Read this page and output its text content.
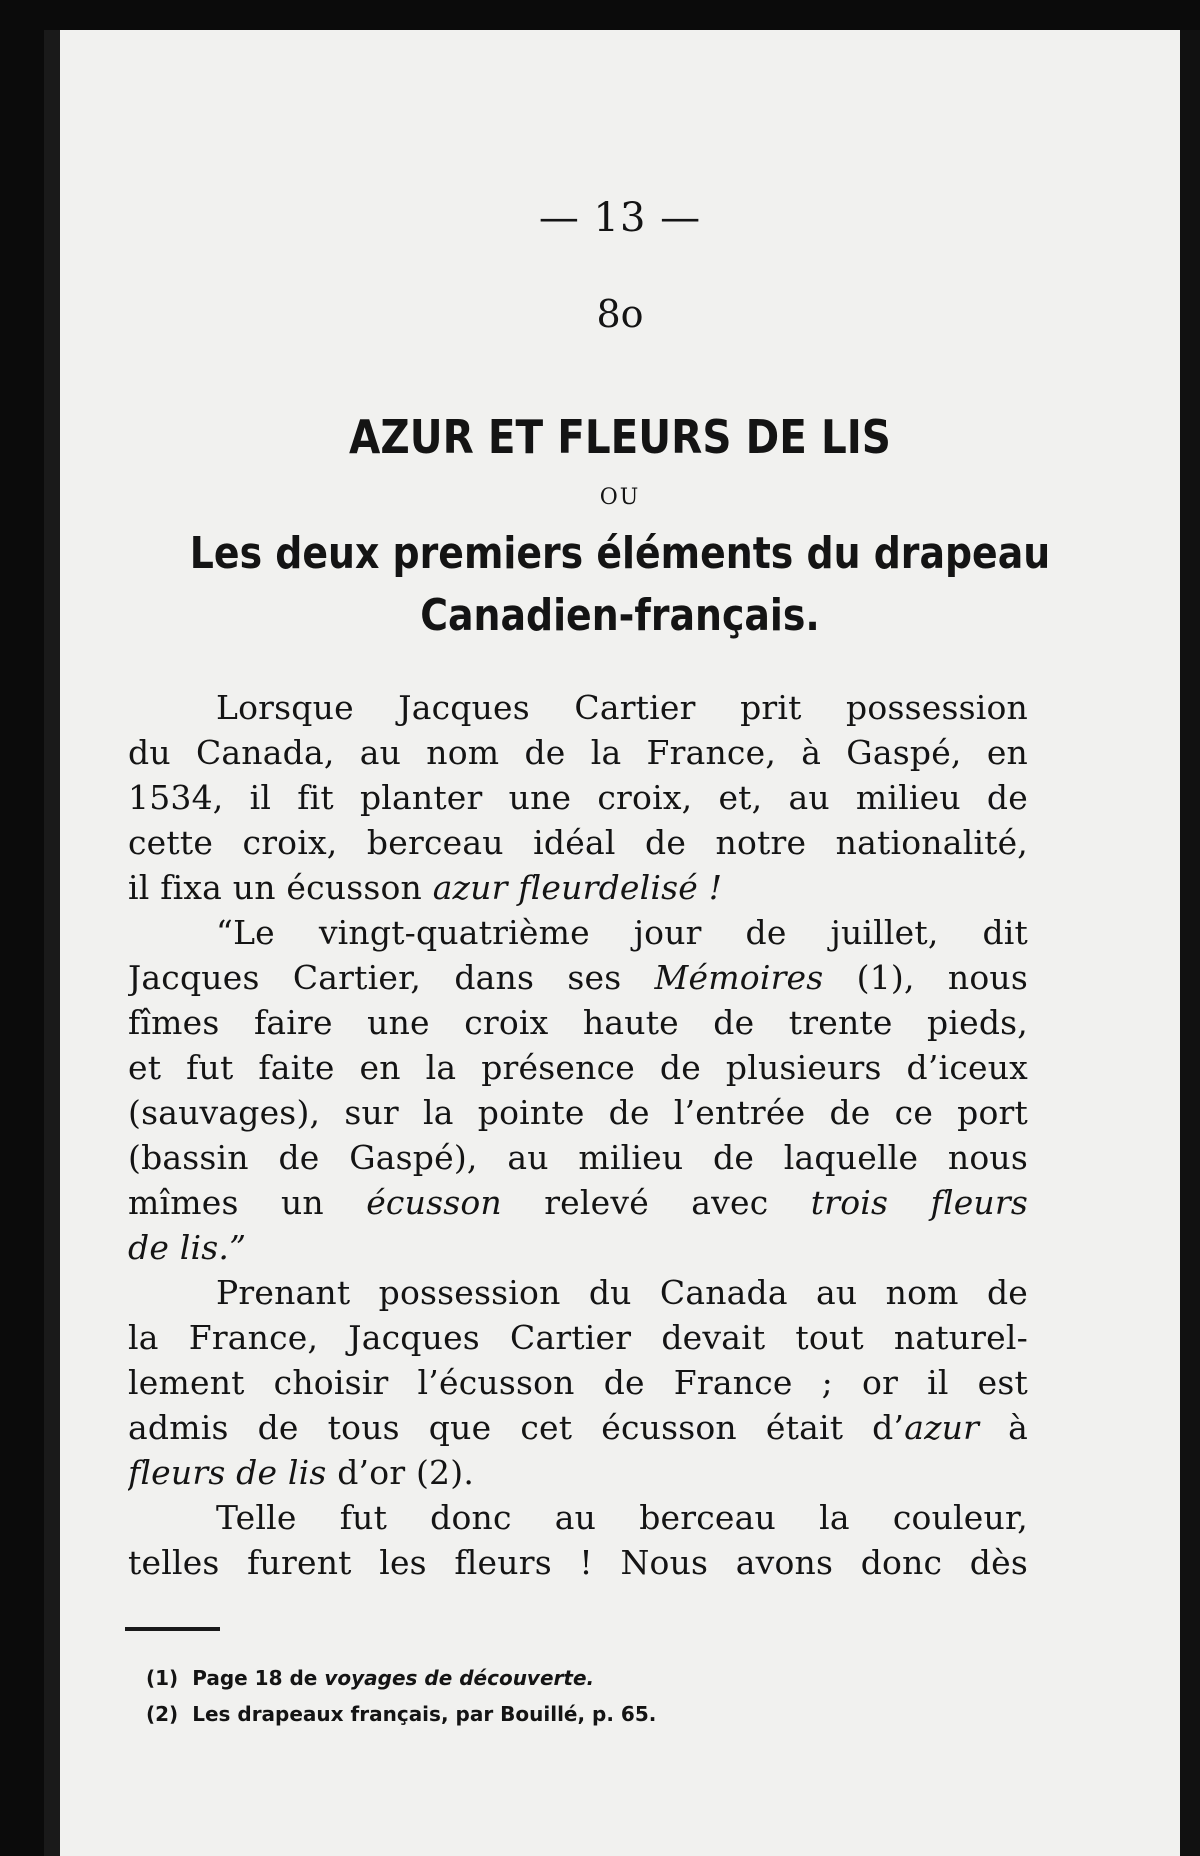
— 13 —
8o
AZUR ET FLEURS DE LIS
OU
Les deux premiers éléments du drapeau
Canadien-français.
Lorsque Jacques Cartier prit possession
du Canada, au nom de la France, à Gaspé, en
1534, il fit planter une croix, et, au milieu de
cette croix, berceau idéal de notre nationalité,
il fixa un écusson azur fleurdelisé !
“Le vingt-quatrième jour de juillet, dit
Jacques Cartier, dans ses Mémoires (1), nous
fîmes faire une croix haute de trente pieds,
et fut faite en la présence de plusieurs d’iceux
(sauvages), sur la pointe de l’entrée de ce port
(bassin de Gaspé), au milieu de laquelle nous
mîmes un écusson relevé avec trois fleurs
de lis.”
Prenant possession du Canada au nom de
la France, Jacques Cartier devait tout naturel-
lement choisir l’écusson de France ; or il est
admis de tous que cet écusson était d’azur à
fleurs de lis d’or (2).
Telle fut donc au berceau la couleur,
telles furent les fleurs ! Nous avons donc dès
(1) Page 18 de voyages de découverte.
(2) Les drapeaux français, par Bouillé, p. 65.
